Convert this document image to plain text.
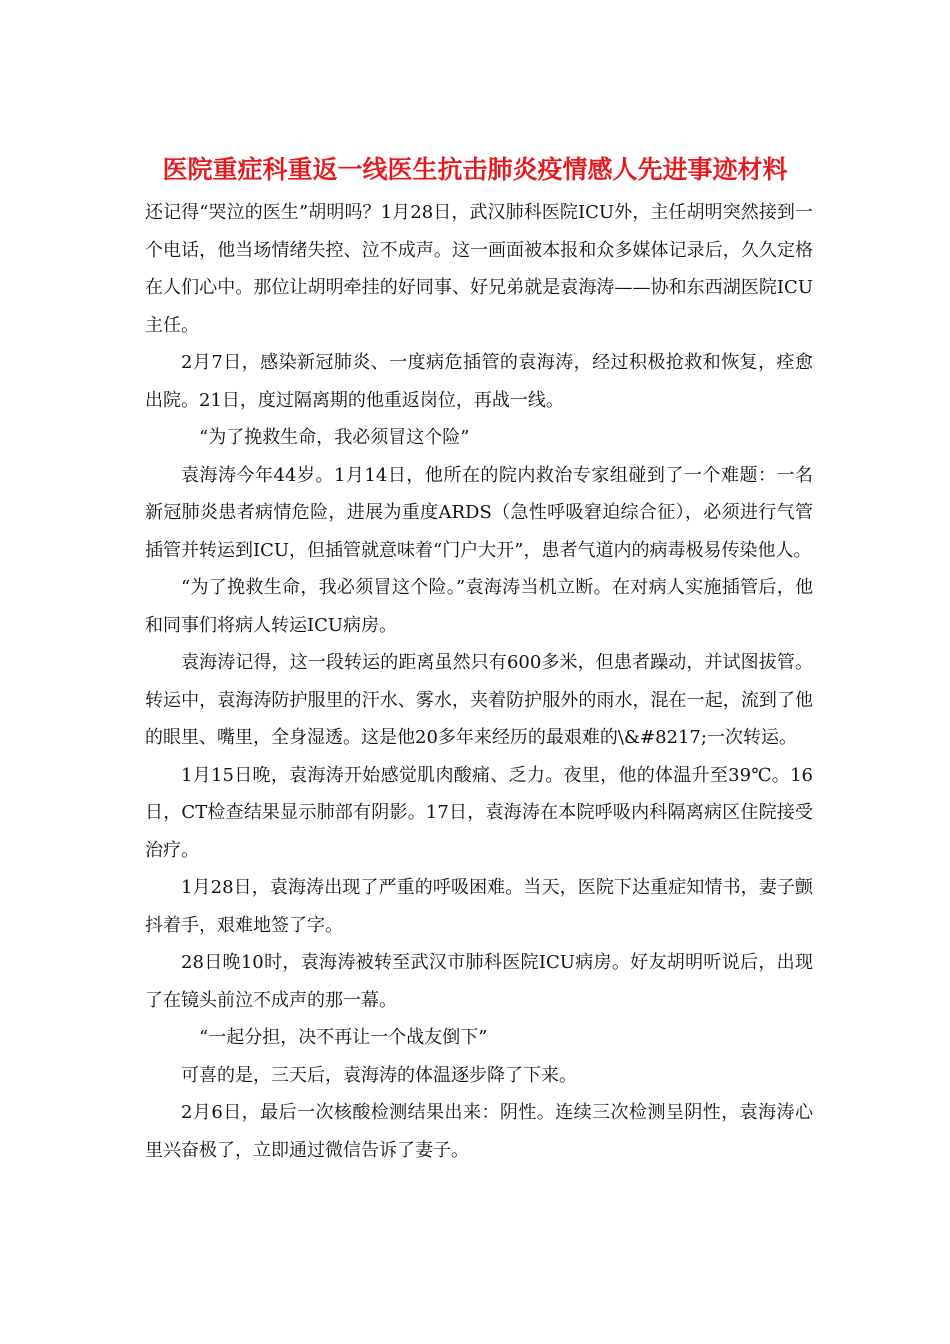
医院重症科重返一线医生抗击肺炎疫情感人先进事迹材料

还记得“哭泣的医生”胡明吗？1月28日，武汉肺科医院ICU外，主任胡明突然接到一个电话，他当场情绪失控、泣不成声。这一画面被本报和众多媒体记录后，久久定格在人们心中。那位让胡明牵挂的好同事、好兄弟就是袁海涛——协和东西湖医院ICU主任。

2月7日，感染新冠肺炎、一度病危插管的袁海涛，经过积极抢救和恢复，痊愈出院。21日，度过隔离期的他重返岗位，再战一线。

“为了挽救生命，我必须冒这个险”

袁海涛今年44岁。1月14日，他所在的院内救治专家组碰到了一个难题：一名新冠肺炎患者病情危险，进展为重度ARDS（急性呼吸窘迫综合征），必须进行气管插管并转运到ICU，但插管就意味着“门户大开”，患者气道内的病毒极易传染他人。

“为了挽救生命，我必须冒这个险。”袁海涛当机立断。在对病人实施插管后，他和同事们将病人转运ICU病房。

袁海涛记得，这一段转运的距离虽然只有600多米，但患者躁动，并试图拔管。转运中，袁海涛防护服里的汗水、雾水，夹着防护服外的雨水，混在一起，流到了他的眼里、嘴里，全身湿透。这是他20多年来经历的最艰难的\&#8217;一次转运。

1月15日晚，袁海涛开始感觉肌肉酸痛、乏力。夜里，他的体温升至39℃。16日，CT检查结果显示肺部有阴影。17日，袁海涛在本院呼吸内科隔离病区住院接受治疗。

1月28日，袁海涛出现了严重的呼吸困难。当天，医院下达重症知情书，妻子颤抖着手，艰难地签了字。

28日晚10时，袁海涛被转至武汉市肺科医院ICU病房。好友胡明听说后，出现了在镜头前泣不成声的那一幕。

“一起分担，决不再让一个战友倒下”

可喜的是，三天后，袁海涛的体温逐步降了下来。

2月6日，最后一次核酸检测结果出来：阴性。连续三次检测呈阴性，袁海涛心里兴奋极了，立即通过微信告诉了妻子。
